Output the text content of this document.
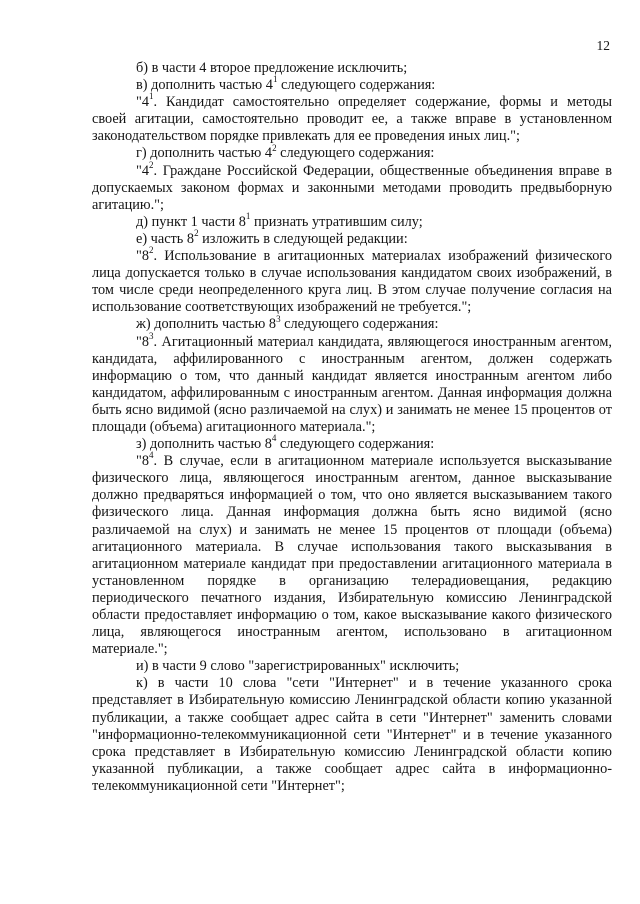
12

б) в части 4 второе предложение исключить;

в) дополнить частью $4^1$ следующего содержания:

"$4^1$. Кандидат самостоятельно определяет содержание, формы и методы своей агитации, самостоятельно проводит ее, а также вправе в установленном законодательством порядке привлекать для ее проведения иных лиц.";

г) дополнить частью $4^2$ следующего содержания:

"$4^2$. Граждане Российской Федерации, общественные объединения вправе в допускаемых законом формах и законными методами проводить предвыборную агитацию.";

д) пункт 1 части $8^1$ признать утратившим силу;

е) часть $8^2$ изложить в следующей редакции:

"$8^2$. Использование в агитационных материалах изображений физического лица допускается только в случае использования кандидатом своих изображений, в том числе среди неопределенного круга лиц. В этом случае получение согласия на использование соответствующих изображений не требуется.";

ж) дополнить частью $8^3$ следующего содержания:

"$8^3$. Агитационный материал кандидата, являющегося иностранным агентом, кандидата, аффилированного с иностранным агентом, должен содержать информацию о том, что данный кандидат является иностранным агентом либо кандидатом, аффилированным с иностранным агентом. Данная информация должна быть ясно видимой (ясно различаемой на слух) и занимать не менее 15 процентов от площади (объема) агитационного материала.";

з) дополнить частью $8^4$ следующего содержания:

"$8^4$. В случае, если в агитационном материале используется высказывание физического лица, являющегося иностранным агентом, данное высказывание должно предваряться информацией о том, что оно является высказыванием такого физического лица. Данная информация должна быть ясно видимой (ясно различаемой на слух) и занимать не менее 15 процентов от площади (объема) агитационного материала. В случае использования такого высказывания в агитационном материале кандидат при предоставлении агитационного материала в установленном порядке в организацию телерадиовещания, редакцию периодического печатного издания, Избирательную комиссию Ленинградской области предоставляет информацию о том, какое высказывание какого физического лица, являющегося иностранным агентом, использовано в агитационном материале.";

и) в части 9 слово "зарегистрированных" исключить;

к) в части 10 слова "сети "Интернет" и в течение указанного срока представляет в Избирательную комиссию Ленинградской области копию указанной публикации, а также сообщает адрес сайта в сети "Интернет" заменить словами "информационно-телекоммуникационной сети "Интернет" и в течение указанного срока представляет в Избирательную комиссию Ленинградской области копию указанной публикации, а также сообщает адрес сайта в информационно-телекоммуникационной сети "Интернет";
